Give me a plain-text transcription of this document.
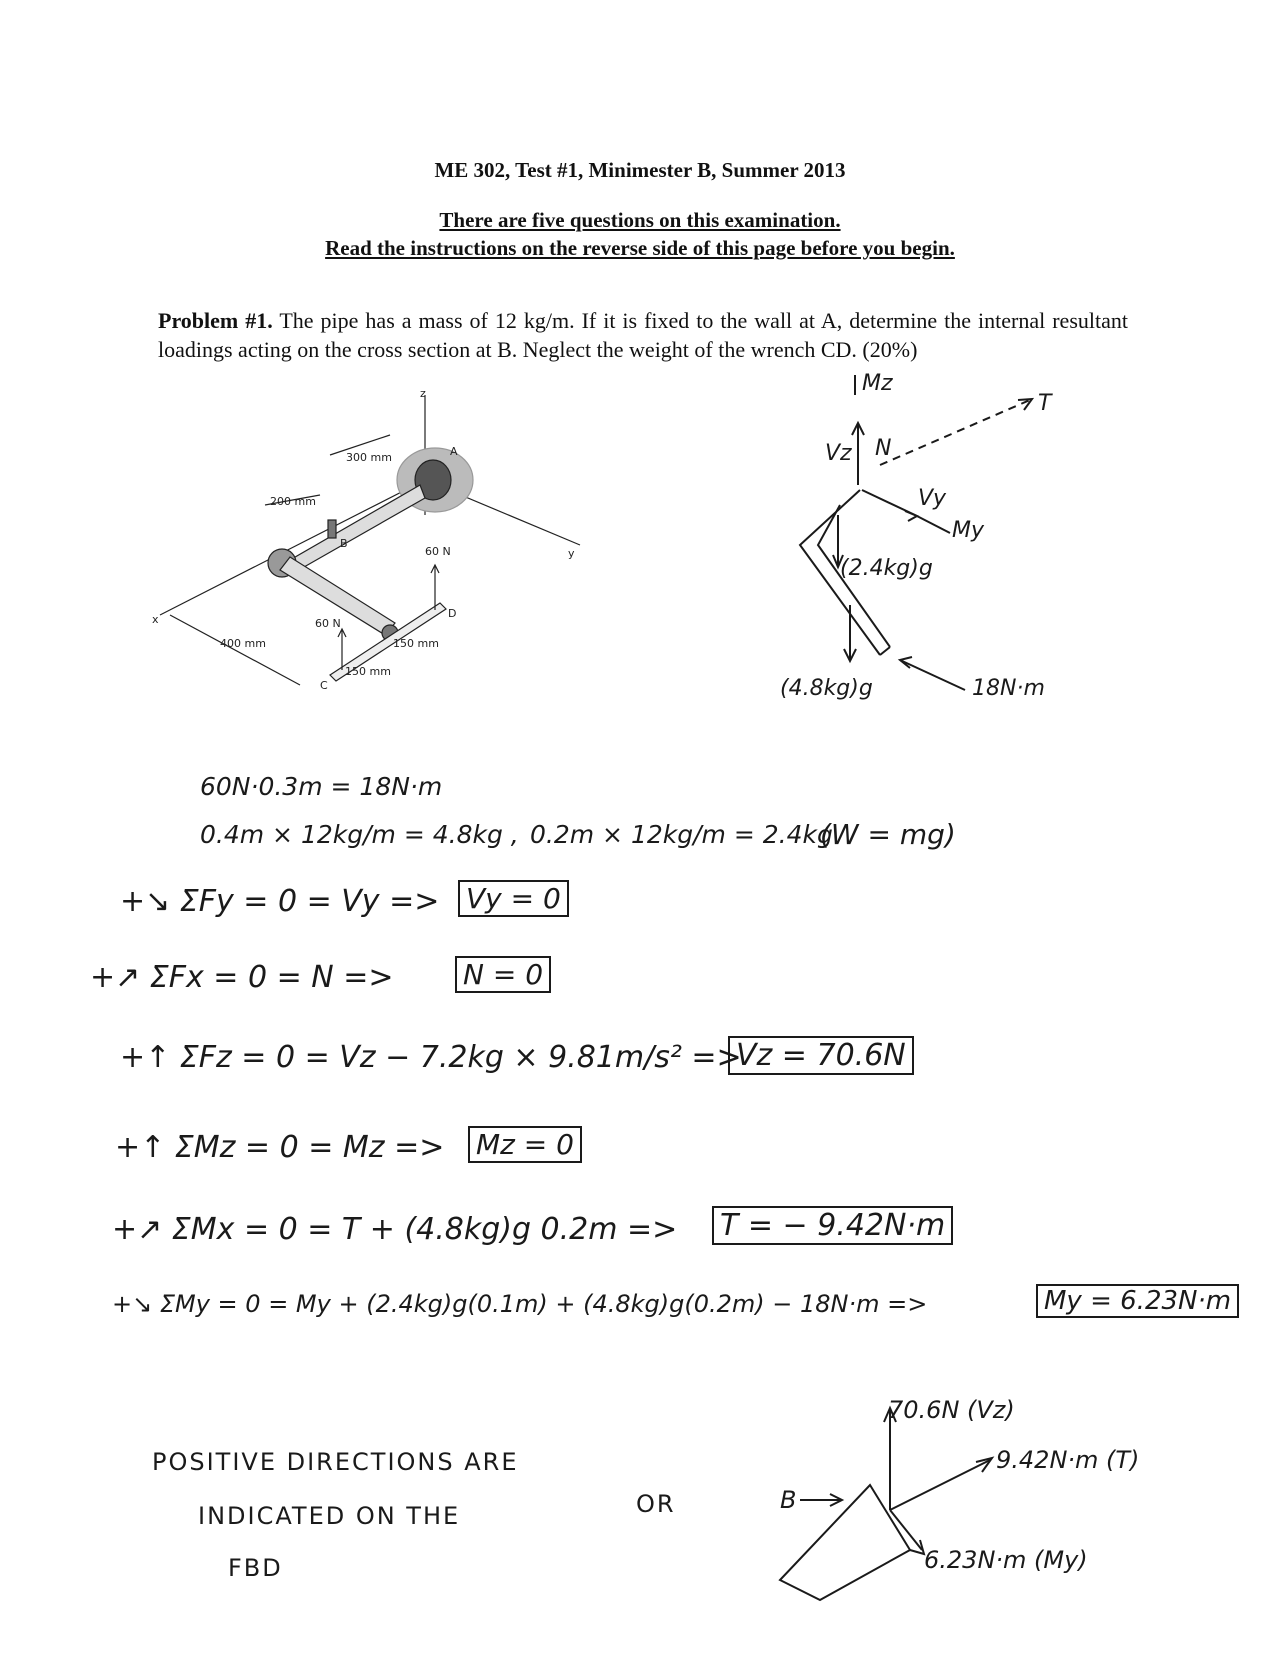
ME 302, Test #1, Minimester B, Summer 2013
There are five questions on this examination.
Read the instructions on the reverse side of this page before you begin.
Problem #1. The pipe has a mass of 12 kg/m. If it is fixed to the wall at A, determine the internal resultant loadings acting on the cross section at B. Neglect the weight of the wrench CD. (20%)
z
y
x
A
B
C
D
300 mm
200 mm
400 mm	150 mm
150 mm
60 N
60 N
Mz
Vz N
T
Vy
My
(2.4kg)g
(4.8kg)g	18N·m
60N·0.3m = 18N·m
0.4m × 12kg/m = 4.8kg , 0.2m × 12kg/m = 2.4kg
(W = mg)
+↘ ΣFy = 0 = Vy => Vy = 0
+↗ ΣFx = 0 = N => N = 0
+↑ ΣFz = 0 = Vz − 7.2kg × 9.81m/s² =>
Vz = 70.6N
+↑ ΣMz = 0 = Mz => Mz = 0
+↗ ΣMx = 0 = T + (4.8kg)g 0.2m => T = − 9.42N·m
+↘ ΣMy = 0 = My + (2.4kg)g(0.1m) + (4.8kg)g(0.2m) − 18N·m =>	My = 6.23N·m
POSITIVE DIRECTIONS ARE
INDICATED ON THE
FBD
OR	B
70.6N (Vz)
9.42N·m (T)
6.23N·m (My)
